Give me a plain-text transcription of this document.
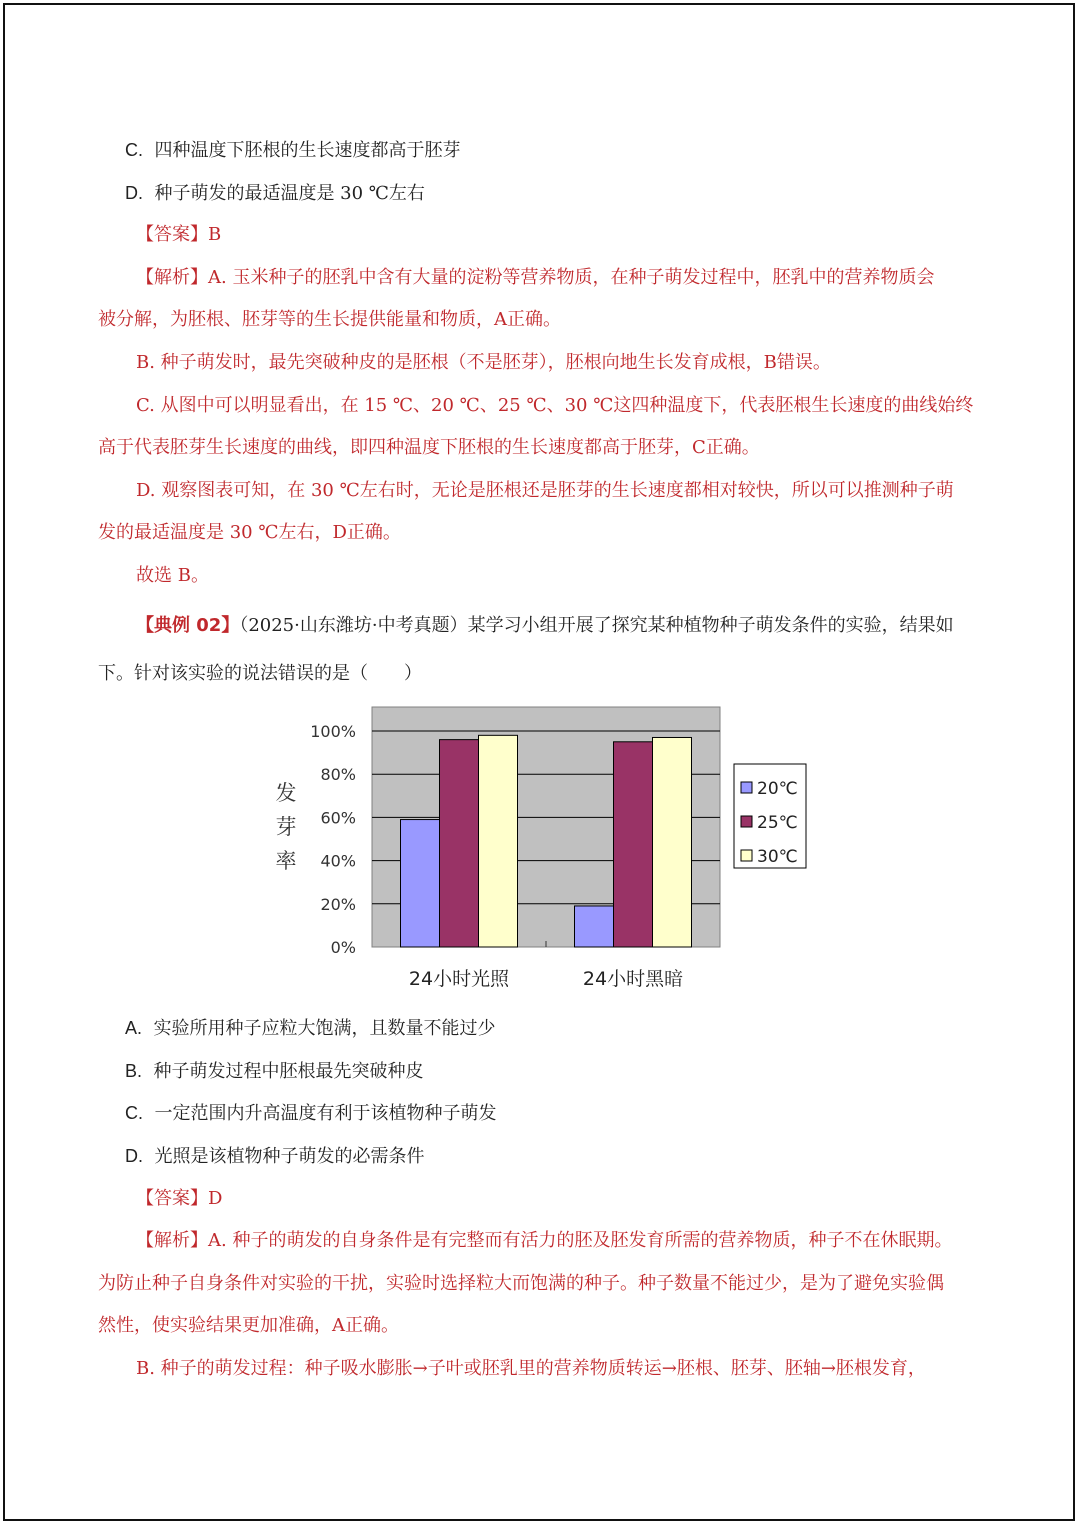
C. 四种温度下胚根的生长速度都高于胚芽
D. 种子萌发的最适温度是 30 ℃左右
【答案】B
【解析】A. 玉米种子的胚乳中含有大量的淀粉等营养物质，在种子萌发过程中，胚乳中的营养物质会
被分解，为胚根、胚芽等的生长提供能量和物质，A正确。
B. 种子萌发时，最先突破种皮的是胚根（不是胚芽），胚根向地生长发育成根，B错误。
C. 从图中可以明显看出，在 15 ℃、20 ℃、25 ℃、30 ℃这四种温度下，代表胚根生长速度的曲线始终
高于代表胚芽生长速度的曲线，即四种温度下胚根的生长速度都高于胚芽，C正确。
D. 观察图表可知，在 30 ℃左右时，无论是胚根还是胚芽的生长速度都相对较快，所以可以推测种子萌
发的最适温度是 30 ℃左右，D正确。
故选 B。
【典例 02】（2025·山东潍坊·中考真题）某学习小组开展了探究某种植物种子萌发条件的实验，结果如
下。针对该实验的说法错误的是（　　）
0%
20%
40%
60%
80%
100%
发
芽
率
24小时光照	24小时黑暗
20℃
25℃
30℃
A. 实验所用种子应粒大饱满，且数量不能过少
B. 种子萌发过程中胚根最先突破种皮
C. 一定范围内升高温度有利于该植物种子萌发
D. 光照是该植物种子萌发的必需条件
【答案】D
【解析】A. 种子的萌发的自身条件是有完整而有活力的胚及胚发育所需的营养物质，种子不在休眠期。
为防止种子自身条件对实验的干扰，实验时选择粒大而饱满的种子。种子数量不能过少，是为了避免实验偶
然性，使实验结果更加准确，A正确。
B. 种子的萌发过程：种子吸水膨胀→子叶或胚乳里的营养物质转运→胚根、胚芽、胚轴→胚根发育，
